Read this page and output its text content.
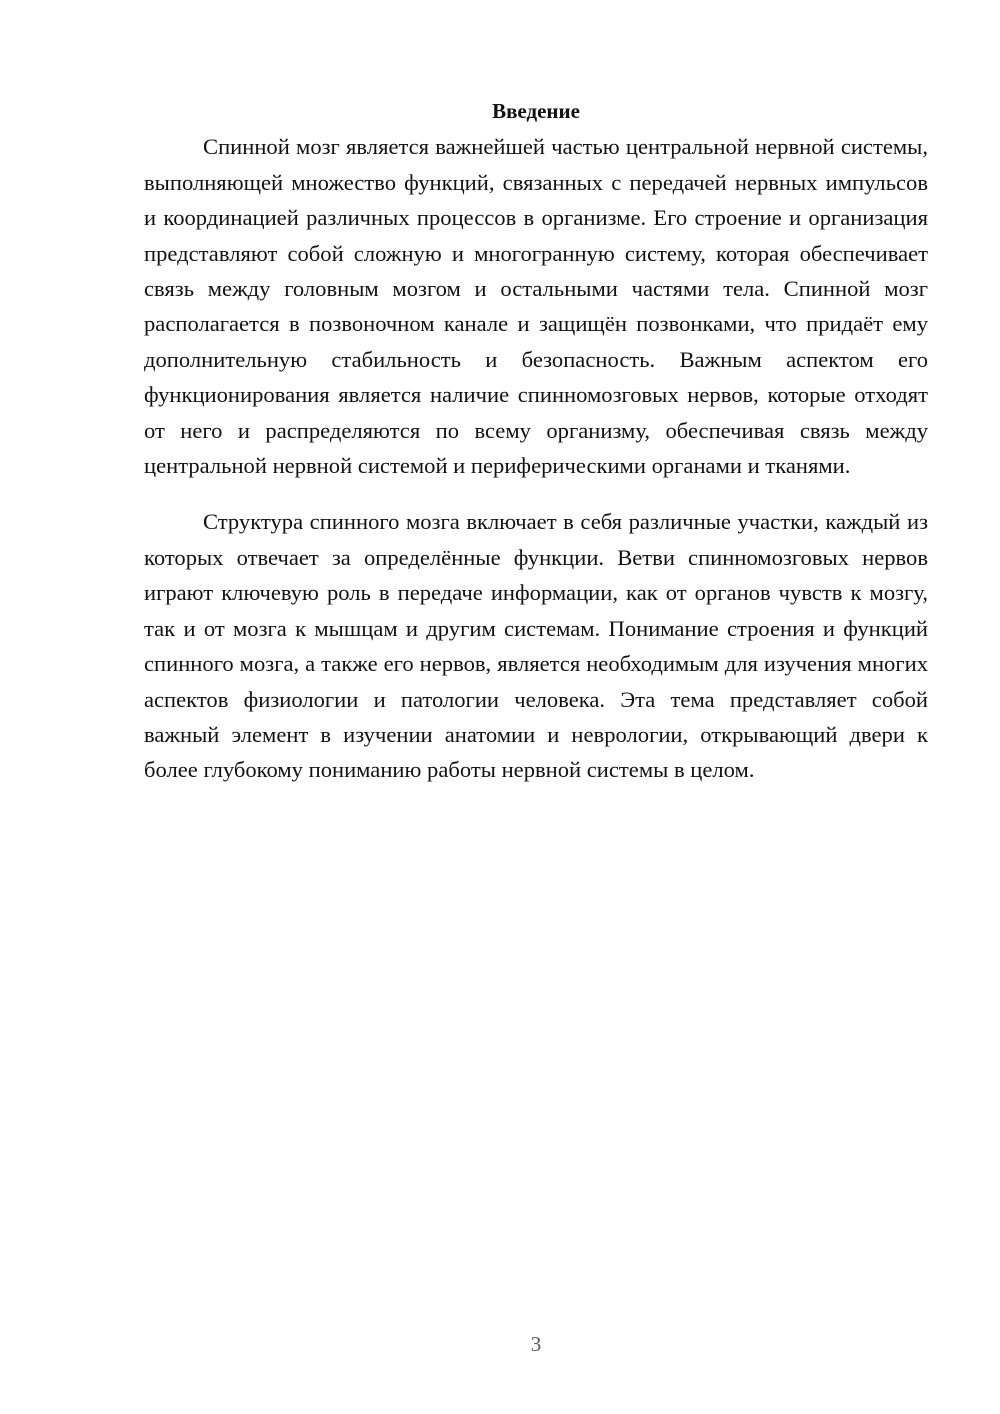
Введение

Спинной мозг является важнейшей частью центральной нервной системы, выполняющей множество функций, связанных с передачей нервных импульсов и координацией различных процессов в организме. Его строение и организация представляют собой сложную и многогранную систему, которая обеспечивает связь между головным мозгом и остальными частями тела. Спинной мозг располагается в позвоночном канале и защищён позвонками, что придаёт ему дополнительную стабильность и безопасность. Важным аспектом его функционирования является наличие спинномозговых нервов, которые отходят от него и распределяются по всему организму, обеспечивая связь между центральной нервной системой и периферическими органами и тканями.

Структура спинного мозга включает в себя различные участки, каждый из которых отвечает за определённые функции. Ветви спинномозговых нервов играют ключевую роль в передаче информации, как от органов чувств к мозгу, так и от мозга к мышцам и другим системам. Понимание строения и функций спинного мозга, а также его нервов, является необходимым для изучения многих аспектов физиологии и патологии человека. Эта тема представляет собой важный элемент в изучении анатомии и неврологии, открывающий двери к более глубокому пониманию работы нервной системы в целом.

3
